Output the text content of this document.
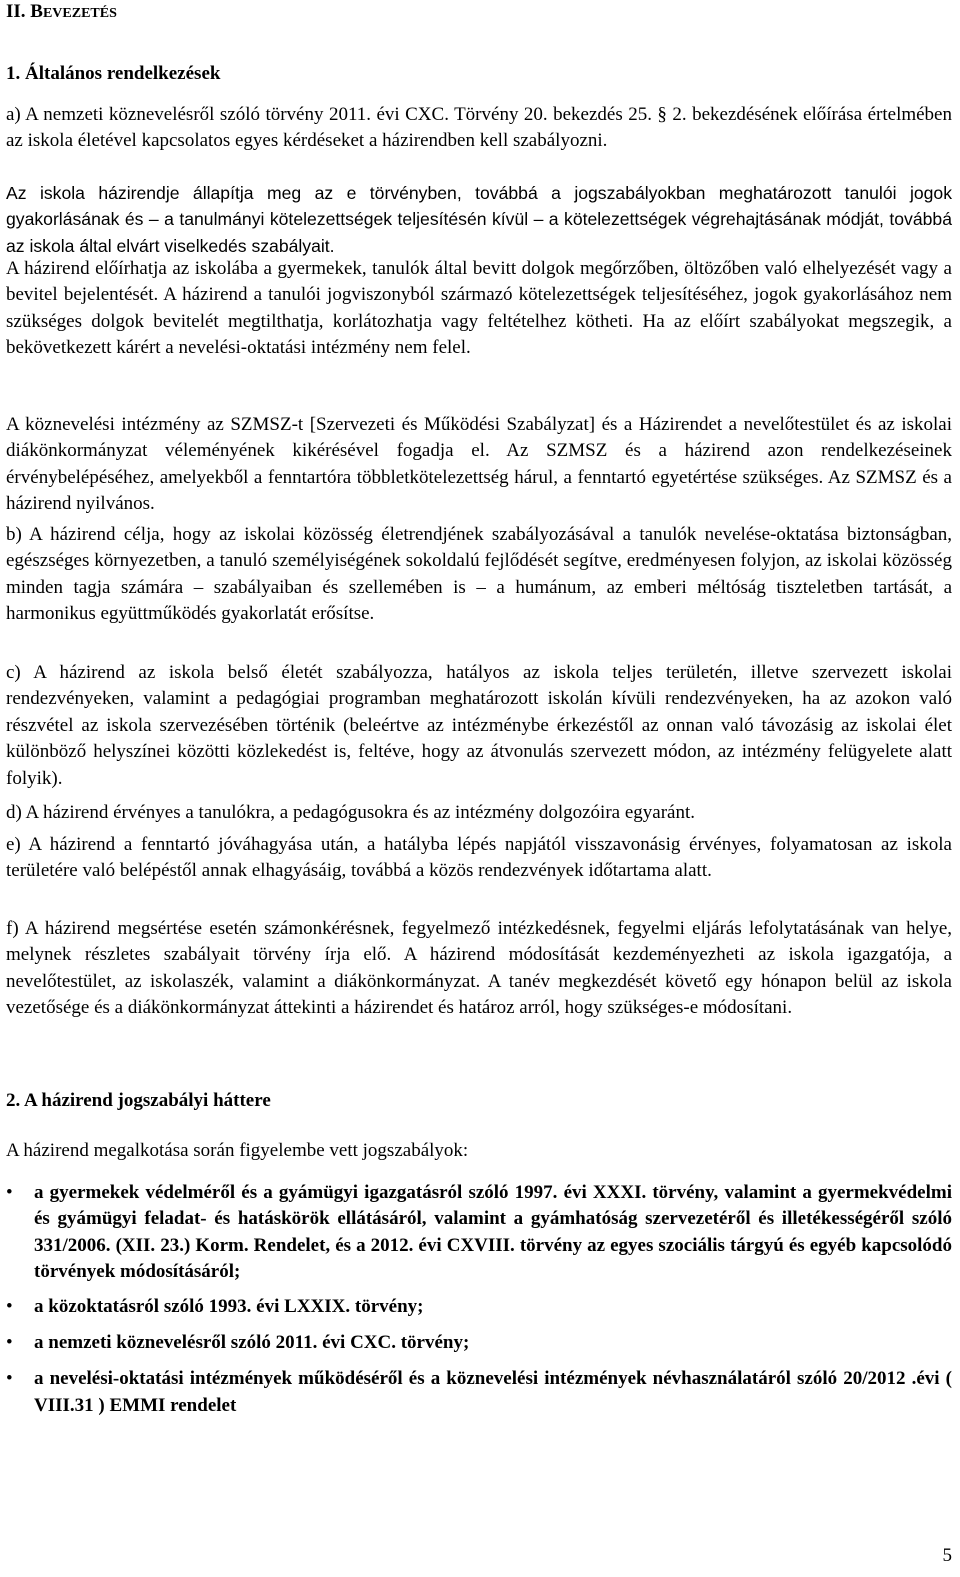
II. BEVEZETÉS
1. Általános rendelkezések

a) A nemzeti köznevelésről szóló törvény 2011. évi CXC. Törvény 20. bekezdés 25. § 2. bekezdésének előírása értelmében az iskola életével kapcsolatos egyes kérdéseket a házirendben kell szabályozni.

Az iskola házirendje állapítja meg az e törvényben, továbbá a jogszabályokban meghatározott tanulói jogok gyakorlásának és – a tanulmányi kötelezettségek teljesítésén kívül – a kötelezettségek végrehajtásának módját, továbbá az iskola által elvárt viselkedés szabályait.

A házirend előírhatja az iskolába a gyermekek, tanulók által bevitt dolgok megőrzőben, öltözőben való elhelyezését vagy a bevitel bejelentését. A házirend a tanulói jogviszonyból származó kötelezettségek teljesítéséhez, jogok gyakorlásához nem szükséges dolgok bevitelét megtilthatja, korlátozhatja vagy feltételhez kötheti. Ha az előírt szabályokat megszegik, a bekövetkezett kárért a nevelési-oktatási intézmény nem felel.

A köznevelési intézmény az SZMSZ-t [Szervezeti és Működési Szabályzat] és a Házirendet a nevelőtestület és az iskolai diákönkormányzat véleményének kikérésével fogadja el. Az SZMSZ és a házirend azon rendelkezéseinek érvénybelépéséhez, amelyekből a fenntartóra többletkötelezettség hárul, a fenntartó egyetértése szükséges. Az SZMSZ és a házirend nyilvános.

b) A házirend célja, hogy az iskolai közösség életrendjének szabályozásával a tanulók nevelése-oktatása biztonságban, egészséges környezetben, a tanuló személyiségének sokoldalú fejlődését segítve, eredményesen folyjon, az iskolai közösség minden tagja számára – szabályaiban és szellemében is – a humánum, az emberi méltóság tiszteletben tartását, a harmonikus együttműködés gyakorlatát erősítse.

c) A házirend az iskola belső életét szabályozza, hatályos az iskola teljes területén, illetve szervezett iskolai rendezvényeken, valamint a pedagógiai programban meghatározott iskolán kívüli rendezvényeken, ha az azokon való részvétel az iskola szervezésében történik (beleértve az intézménybe érkezéstől az onnan való távozásig az iskolai élet különböző helyszínei közötti közlekedést is, feltéve, hogy az átvonulás szervezett módon, az intézmény felügyelete alatt folyik).

d) A házirend érvényes a tanulókra, a pedagógusokra és az intézmény dolgozóira egyaránt.

e) A házirend a fenntartó jóváhagyása után, a hatályba lépés napjától visszavonásig érvényes, folyamatosan az iskola területére való belépéstől annak elhagyásáig, továbbá a közös rendezvények időtartama alatt.

f) A házirend megsértése esetén számonkérésnek, fegyelmező intézkedésnek, fegyelmi eljárás lefolytatásának van helye, melynek részletes szabályait törvény írja elő. A házirend módosítását kezdeményezheti az iskola igazgatója, a nevelőtestület, az iskolaszék, valamint a diákönkormányzat. A tanév megkezdését követő egy hónapon belül az iskola vezetősége és a diákönkormányzat áttekinti a házirendet és határoz arról, hogy szükséges-e módosítani.

2. A házirend jogszabályi háttere

A házirend megalkotása során figyelembe vett jogszabályok:

• a gyermekek védelméről és a gyámügyi igazgatásról szóló 1997. évi XXXI. törvény, valamint a gyermekvédelmi és gyámügyi feladat- és hatáskörök ellátásáról, valamint a gyámhatóság szervezetéről és illetékességéről szóló 331/2006. (XII. 23.) Korm. Rendelet, és a 2012. évi CXVIII. törvény az egyes szociális tárgyú és egyéb kapcsolódó törvények módosításáról;
• a közoktatásról szóló 1993. évi LXXIX. törvény;
• a nemzeti köznevelésről szóló 2011. évi CXC. törvény;
• a nevelési-oktatási intézmények működéséről és a köznevelési intézmények névhasználatáról szóló 20/2012 .évi ( VIII.31 ) EMMI rendelet
5
